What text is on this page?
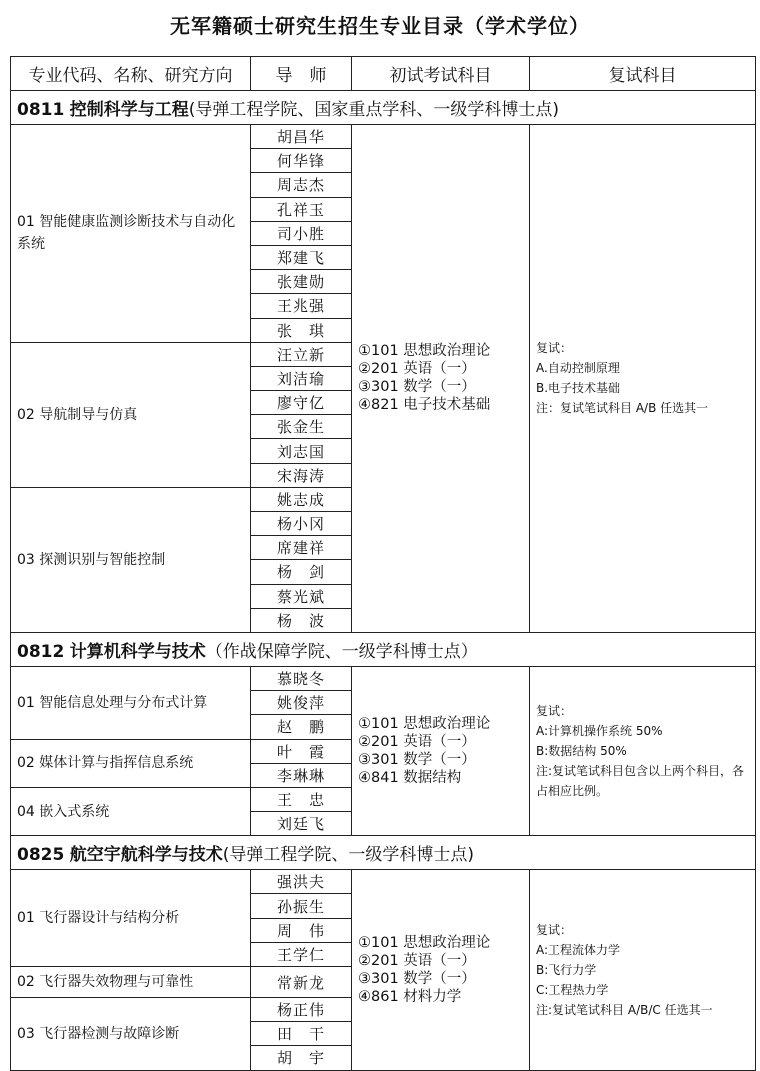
无军籍硕士研究生招生专业目录（学术学位）
专业代码、名称、研究方向	导　师	初试考试科目	复试科目
0811 控制科学与工程(导弹工程学院、国家重点学科、一级学科博士点)			
01 智能健康监测诊断技术与自动化系统	胡昌华	①101 思想政治理论
②201 英语（一）
③301 数学（一）
④821 电子技术基础	复试：
A.自动控制原理
B.电子技术基础
注：复试笔试科目 A/B 任选其一

	何华锋		
	周志杰		
	孔祥玉		
	司小胜		
	郑建飞		
	张建勋		
	王兆强		
	张　琪		
02 导航制导与仿真	汪立新		
	刘洁瑜		
	廖守亿		
	张金生		
	刘志国		
	宋海涛		
03 探测识别与智能控制	姚志成		
	杨小冈		
	席建祥		
	杨　剑		
	蔡光斌		
	杨　波		
0812 计算机科学与技术（作战保障学院、一级学科博士点）			
01 智能信息处理与分布式计算	慕晓冬	①101 思想政治理论
②201 英语（一）
③301 数学（一）
④841 数据结构	复试：
A:计算机操作系统 50%
B:数据结构 50%
注:复试笔试科目包含以上两个科目，各占相应比例。

	姚俊萍		
	赵　鹏		
02 媒体计算与指挥信息系统	叶　霞		
	李琳琳		
04 嵌入式系统	王　忠		
	刘廷飞		
0825 航空宇航科学与技术(导弹工程学院、一级学科博士点)			
01 飞行器设计与结构分析	强洪夫	①101 思想政治理论
②201 英语（一）
③301 数学（一）
④861 材料力学	复试：
A:工程流体力学
B:飞行力学
C:工程热力学
注:复试笔试科目 A/B/C 任选其一

	孙振生		
	周　伟		
	王学仁		
02 飞行器失效物理与可靠性	常新龙		
03 飞行器检测与故障诊断	杨正伟		
	田　干		
	胡　宇		
